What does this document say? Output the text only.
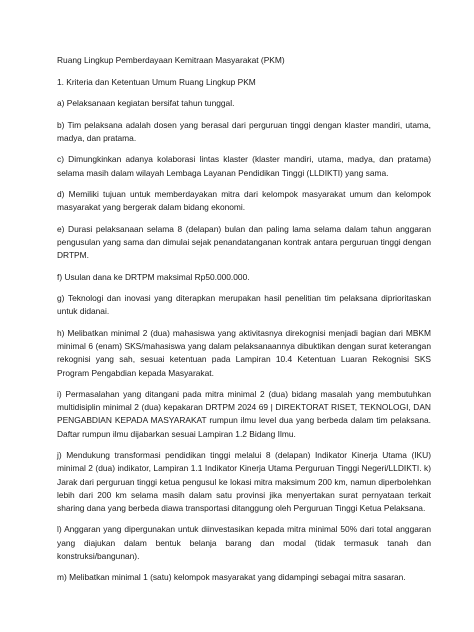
Ruang Lingkup Pemberdayaan Kemitraan Masyarakat (PKM)

1. Kriteria dan Ketentuan Umum Ruang Lingkup PKM

a) Pelaksanaan kegiatan bersifat tahun tunggal.

b) Tim pelaksana adalah dosen yang berasal dari perguruan tinggi dengan klaster mandiri, utama, madya, dan pratama.

c) Dimungkinkan adanya kolaborasi lintas klaster (klaster mandiri, utama, madya, dan pratama) selama masih dalam wilayah Lembaga Layanan Pendidikan Tinggi (LLDIKTI) yang sama.

d) Memiliki tujuan untuk memberdayakan mitra dari kelompok masyarakat umum dan kelompok masyarakat yang bergerak dalam bidang ekonomi.

e) Durasi pelaksanaan selama 8 (delapan) bulan dan paling lama selama dalam tahun anggaran pengusulan yang sama dan dimulai sejak penandatanganan kontrak antara perguruan tinggi dengan DRTPM.

f) Usulan dana ke DRTPM maksimal Rp50.000.000.

g) Teknologi dan inovasi yang diterapkan merupakan hasil penelitian tim pelaksana diprioritaskan untuk didanai.

h) Melibatkan minimal 2 (dua) mahasiswa yang aktivitasnya direkognisi menjadi bagian dari MBKM minimal 6 (enam) SKS/mahasiswa yang dalam pelaksanaannya dibuktikan dengan surat keterangan rekognisi yang sah, sesuai ketentuan pada Lampiran 10.4 Ketentuan Luaran Rekognisi SKS Program Pengabdian kepada Masyarakat.

i) Permasalahan yang ditangani pada mitra minimal 2 (dua) bidang masalah yang membutuhkan multidisiplin minimal 2 (dua) kepakaran DRTPM 2024 69 | DIREKTORAT RISET, TEKNOLOGI, DAN PENGABDIAN KEPADA MASYARAKAT rumpun ilmu level dua yang berbeda dalam tim pelaksana. Daftar rumpun ilmu dijabarkan sesuai Lampiran 1.2 Bidang Ilmu.

j) Mendukung transformasi pendidikan tinggi melalui 8 (delapan) Indikator Kinerja Utama (IKU) minimal 2 (dua) indikator, Lampiran 1.1 Indikator Kinerja Utama Perguruan Tinggi Negeri/LLDIKTI. k) Jarak dari perguruan tinggi ketua pengusul ke lokasi mitra maksimum 200 km, namun diperbolehkan lebih dari 200 km selama masih dalam satu provinsi jika menyertakan surat pernyataan terkait sharing dana yang berbeda diawa transportasi ditanggung oleh Perguruan Tinggi Ketua Pelaksana.

l) Anggaran yang dipergunakan untuk diinvestasikan kepada mitra minimal 50% dari total anggaran yang diajukan dalam bentuk belanja barang dan modal (tidak termasuk tanah dan konstruksi/bangunan).

m) Melibatkan minimal 1 (satu) kelompok masyarakat yang didampingi sebagai mitra sasaran.
